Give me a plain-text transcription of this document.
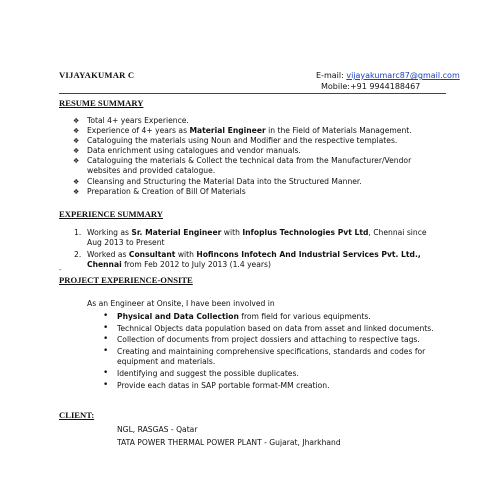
VIJAYAKUMAR C	E-mail: vijayakumarc87@gmail.com
Mobile:+91 9944188467
RESUME SUMMARY
❖ Total 4+ years Experience.
❖ Experience of 4+ years as Material Engineer in the Field of Materials Management.
❖ Cataloguing the materials using Noun and Modifier and the respective templates.
❖ Data enrichment using catalogues and vendor manuals.
❖ Cataloguing the materials & Collect the technical data from the Manufacturer/Vendor websites and provided catalogue.
❖ Cleansing and Structuring the Material Data into the Structured Manner.
❖ Preparation & Creation of Bill Of Materials
EXPERIENCE SUMMARY
1. Working as Sr. Material Engineer with Infoplus Technologies Pvt Ltd, Chennai since Aug 2013 to Present
2. Worked as Consultant with Hofincons Infotech And Industrial Services Pvt. Ltd., Chennai from Feb 2012 to July 2013 (1.4 years)
-
PROJECT EXPERIENCE-ONSITE
As an Engineer at Onsite, I have been involved in
• Physical and Data Collection from field for various equipments.
• Technical Objects data population based on data from asset and linked documents.
• Collection of documents from project dossiers and attaching to respective tags.
• Creating and maintaining comprehensive specifications, standards and codes for equipment and materials.
• Identifying and suggest the possible duplicates.
• Provide each datas in SAP portable format-MM creation.
CLIENT:
NGL, RASGAS - Qatar
TATA POWER THERMAL POWER PLANT - Gujarat, Jharkhand
